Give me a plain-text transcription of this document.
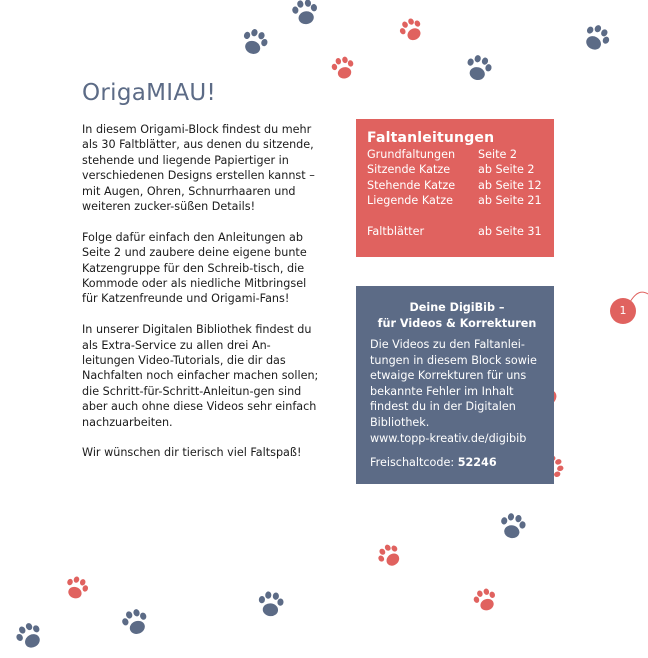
OrigaMIAU!

In diesem Origami-Block findest du mehr als 30 Faltblätter, aus denen du sitzende, stehende und liegende Papiertiger in verschiedenen Designs erstellen kannst – mit Augen, Ohren, Schnurrhaaren und weiteren zucker-süßen Details!

Folge dafür einfach den Anleitungen ab Seite 2 und zaubere deine eigene bunte Katzengruppe für den Schreib-tisch, die Kommode oder als niedliche Mitbringsel für Katzenfreunde und Origami-Fans!

In unserer Digitalen Bibliothek findest du als Extra-Service zu allen drei An-leitungen Video-Tutorials, die dir das Nachfalten noch einfacher machen sollen; die Schritt-für-Schritt-Anleitun-gen sind aber auch ohne diese Videos sehr einfach nachzuarbeiten.

Wir wünschen dir tierisch viel Faltspaß!

Faltanleitungen
Grundfaltungen	Seite 2
Sitzende Katze	ab Seite 2
Stehende Katze	ab Seite 12
Liegende Katze	ab Seite 21
Faltblätter	ab Seite 31
Deine DigiBib –
für Videos & Korrekturen
Die Videos zu den Faltanlei-tungen in diesem Block sowie etwaige Korrekturen für uns bekannte Fehler im Inhalt findest du in der Digitalen Bibliothek.
www.topp-kreativ.de/digibib
Freischaltcode: 52246
1
